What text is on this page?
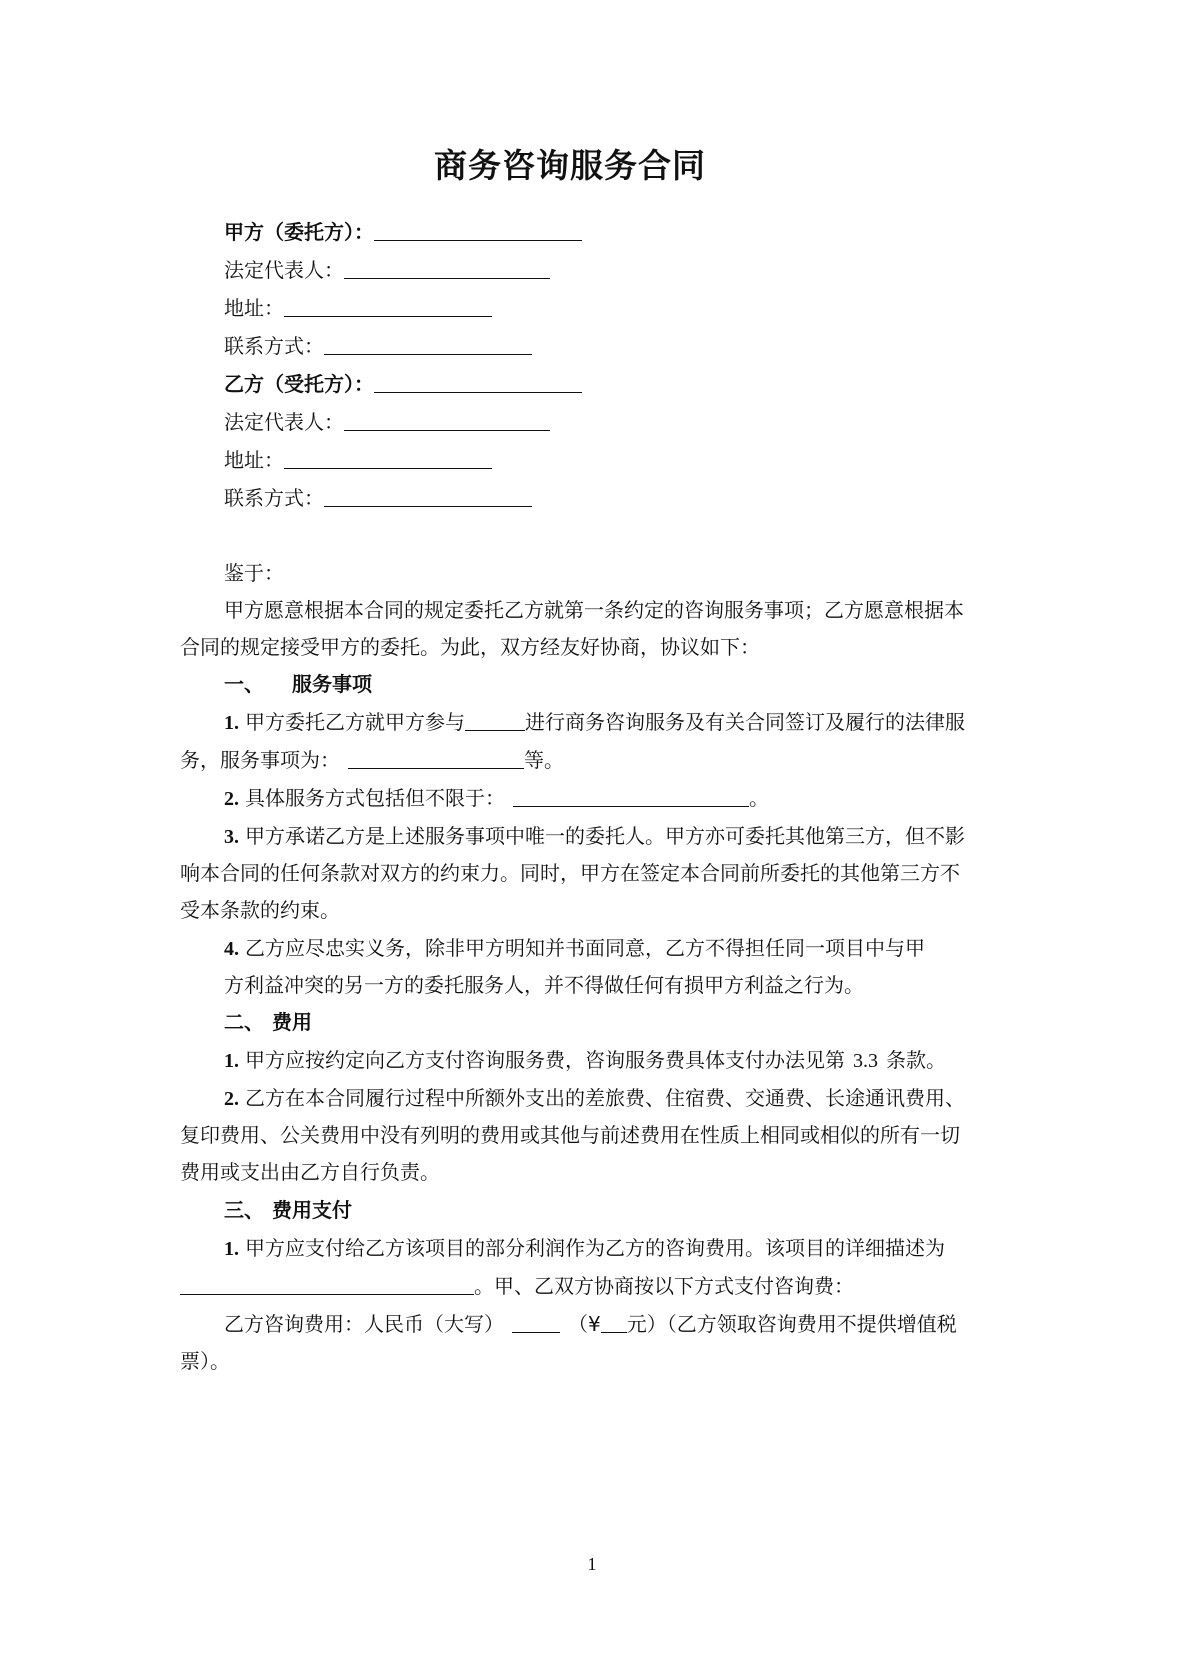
商务咨询服务合同
甲方（委托方）：
法定代表人：
地址：
联系方式：
乙方（受托方）：
法定代表人：
地址：
联系方式：
鉴于：
甲方愿意根据本合同的规定委托乙方就第一条约定的咨询服务事项；乙方愿意根据本
合同的规定接受甲方的委托。为此，双方经友好协商，协议如下：
一、 服务事项
1. 甲方委托乙方就甲方参与	进行商务咨询服务及有关合同签订及履行的法律服
务，服务事项为：	等。
2. 具体服务方式包括但不限于：	。
3. 甲方承诺乙方是上述服务事项中唯一的委托人。甲方亦可委托其他第三方，但不影
响本合同的任何条款对双方的约束力。同时，甲方在签定本合同前所委托的其他第三方不
受本条款的约束。
4. 乙方应尽忠实义务，除非甲方明知并书面同意，乙方不得担任同一项目中与甲
方利益冲突的另一方的委托服务人，并不得做任何有损甲方利益之行为。
二、 费用
1. 甲方应按约定向乙方支付咨询服务费，咨询服务费具体支付办法见第 3.3 条款。
2. 乙方在本合同履行过程中所额外支出的差旅费、住宿费、交通费、长途通讯费用、
复印费用、公关费用中没有列明的费用或其他与前述费用在性质上相同或相似的所有一切
费用或支出由乙方自行负责。
三、 费用支付
1. 甲方应支付给乙方该项目的部分利润作为乙方的咨询费用。该项目的详细描述为
。甲、乙双方协商按以下方式支付咨询费：
乙方咨询费用：人民币（大写）	（¥ 元）（乙方领取咨询费用不提供增值税
票）。
1
